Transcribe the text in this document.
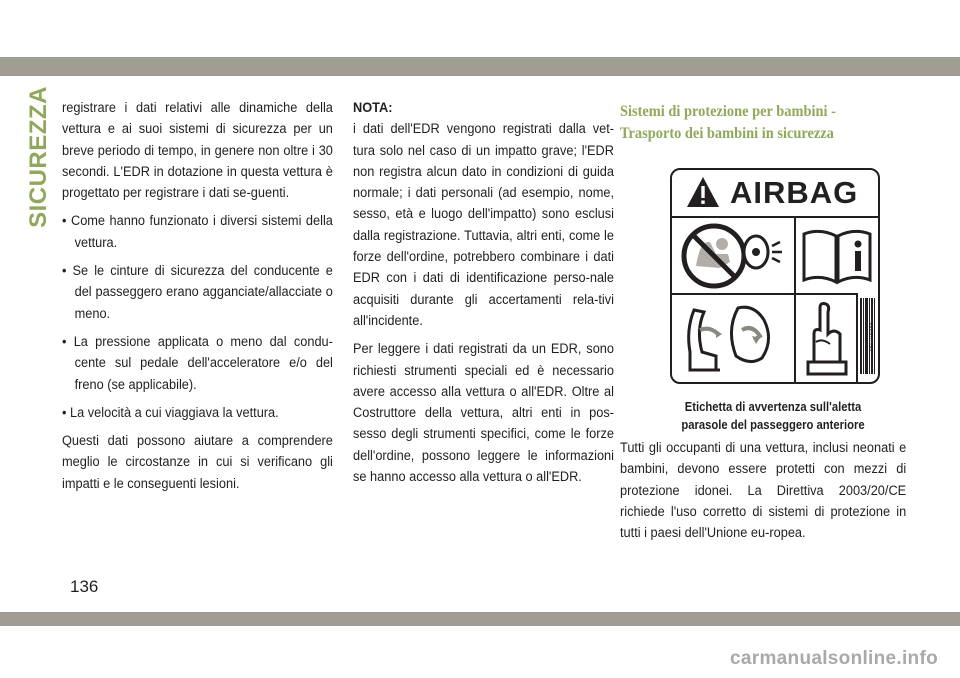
SICUREZZA registrare i dati relativi alle dinamiche della vettura e ai suoi sistemi di sicurezza per un breve periodo di tempo, in genere non oltre i 30 secondi. L'EDR in dotazione in questa vettura è progettato per registrare i dati se-guenti.

• Come hanno funzionato i diversi sistemi della vettura.

• Se le cinture di sicurezza del conducente e del passeggero erano agganciate/allacciate o meno.

• La pressione applicata o meno dal condu-cente sul pedale dell'acceleratore e/o del freno (se applicabile).

• La velocità a cui viaggiava la vettura.

Questi dati possono aiutare a comprendere meglio le circostanze in cui si verificano gli impatti e le conseguenti lesioni.

NOTA:

i dati dell'EDR vengono registrati dalla vet-tura solo nel caso di un impatto grave; l'EDR non registra alcun dato in condizioni di guida normale; i dati personali (ad esempio, nome, sesso, età e luogo dell'impatto) sono esclusi dalla registrazione. Tuttavia, altri enti, come le forze dell'ordine, potrebbero combinare i dati EDR con i dati di identificazione perso-nale acquisiti durante gli accertamenti rela-tivi all'incidente.

Per leggere i dati registrati da un EDR, sono richiesti strumenti speciali ed è necessario avere accesso alla vettura o all'EDR. Oltre al Costruttore della vettura, altri enti in pos-sesso degli strumenti specifici, come le forze dell'ordine, possono leggere le informazioni se hanno accesso alla vettura o all'EDR.

Sistemi di protezione per bambini -
Trasporto dei bambini in sicurezza
AIRBAG
68171003AA
Etichetta di avvertenza sull'aletta
parasole del passeggero anteriore

Tutti gli occupanti di una vettura, inclusi neonati e bambini, devono essere protetti con mezzi di protezione idonei. La Direttiva 2003/20/CE richiede l'uso corretto di sistemi di protezione in tutti i paesi dell'Unione eu-ropea.

136
carmanualsonline.info
